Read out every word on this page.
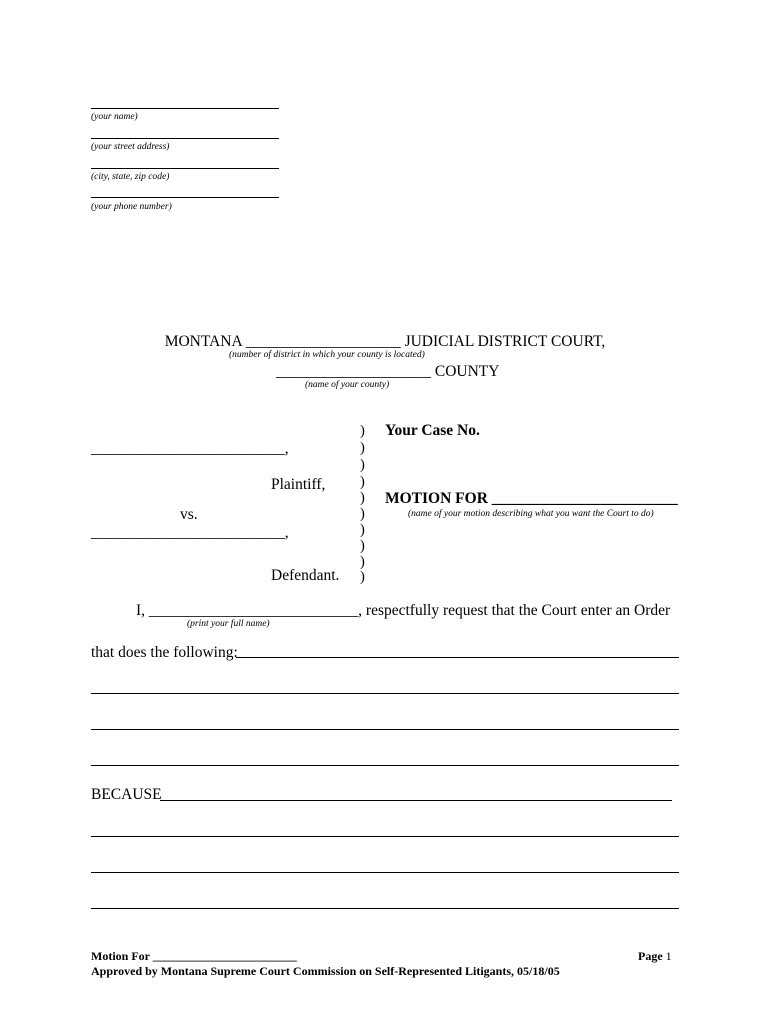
(your name)
(your street address)
(city, state, zip code)
(your phone number)
MONTANA ____________________ JUDICIAL DISTRICT COURT,
(number of district in which your county is located)
____________________ COUNTY
(name of your county)
_________________________,
Plaintiff,
vs.
_________________________,
Defendant.
)
)
)
)
)
)
)
)
)
)
Your Case No.
MOTION FOR ________________________
(name of your motion describing what you want the Court to do)
I, ___________________________, respectfully request that the Court enter an Order
(print your full name)
that does the following:
BECAUSE
Motion For ________________________	Page 1
Approved by Montana Supreme Court Commission on Self-Represented Litigants, 05/18/05
